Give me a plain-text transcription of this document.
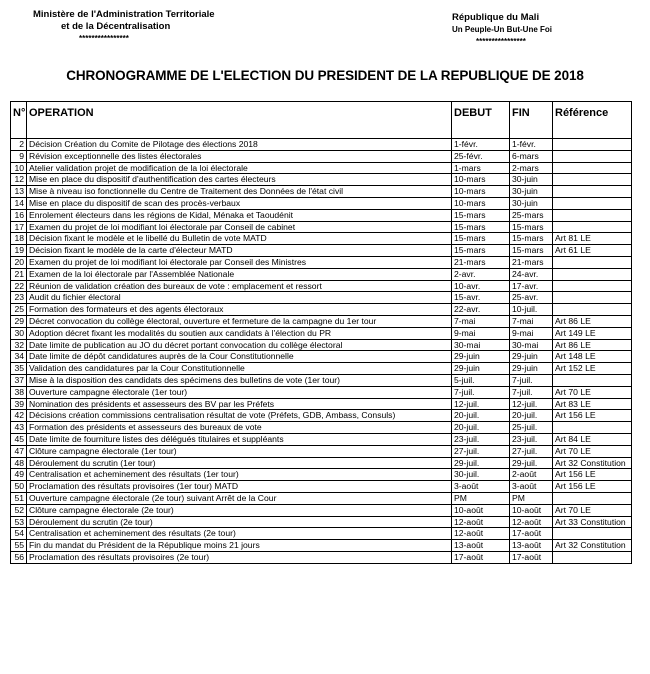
Ministère de l'Administration Territoriale
et de la Décentralisation
****************
République du Mali
Un Peuple-Un But-Une Foi
****************
CHRONOGRAMME DE L'ELECTION DU PRESIDENT DE LA REPUBLIQUE DE 2018
N°	OPERATION	DEBUT	FIN	Référence
2	Décision Création du Comite de Pilotage des élections 2018	1-févr.	1-févr.	
9	Révision exceptionnelle des listes électorales	25-févr.	6-mars	
10	Atelier validation projet de modification de la loi électorale	1-mars	2-mars	
12	Mise en place du dispositif d'authentification des cartes électeurs	10-mars	30-juin	
13	Mise à niveau iso fonctionnelle du Centre de Traitement des Données de l'état civil	10-mars	30-juin	
14	Mise en place du dispositif de scan des procès-verbaux	10-mars	30-juin	
16	Enrolement électeurs dans les régions de Kidal, Ménaka et Taoudénit	15-mars	25-mars	
17	Examen du projet de loi modifiant loi électorale par Conseil de cabinet	15-mars	15-mars	
18	Décision fixant le modèle et le libellé du Bulletin de vote MATD	15-mars	15-mars	Art 81 LE
19	Décision fixant le modèle de la carte d'électeur MATD	15-mars	15-mars	Art 61 LE
20	Examen du projet de loi modifiant loi électorale par Conseil des Ministres	21-mars	21-mars	
21	Examen de la loi électorale par l'Assemblée Nationale	2-avr.	24-avr.	
22	Réunion de validation création des bureaux de vote : emplacement et ressort	10-avr.	17-avr.	
23	Audit du fichier électoral	15-avr.	25-avr.	
25	Formation des formateurs et des agents électoraux	22-avr.	10-juil.	
29	Décret convocation du collège électoral, ouverture et fermeture de la campagne du 1er tour	7-mai	7-mai	Art 86 LE
30	Adoption décret fixant les modalités du soutien aux candidats à l'élection du PR	9-mai	9-mai	Art 149 LE
32	Date limite de publication au JO du décret portant convocation du collège électoral	30-mai	30-mai	Art 86 LE
34	Date limite de dépôt candidatures auprès de la Cour Constitutionnelle	29-juin	29-juin	Art 148 LE
35	Validation des candidatures par la Cour Constitutionnelle	29-juin	29-juin	Art 152 LE
37	Mise à la disposition des candidats des spécimens des bulletins de vote (1er tour)	5-juil.	7-juil.	
38	Ouverture campagne électorale (1er tour)	7-juil.	7-juil.	Art 70 LE
39	Nomination des présidents et assesseurs des BV par les Préfets	12-juil.	12-juil.	Art 83 LE
42	Décisions création commissions centralisation résultat de vote (Préfets, GDB, Ambass, Consuls)	20-juil.	20-juil.	Art 156 LE
43	Formation des présidents et assesseurs des bureaux de vote	20-juil.	25-juil.	
45	Date limite de fourniture listes des délégués titulaires et suppléants	23-juil.	23-juil.	Art 84 LE
47	Clôture campagne électorale (1er tour)	27-juil.	27-juil.	Art 70 LE
48	Déroulement du scrutin (1er tour)	29-juil.	29-juil.	Art 32 Constitution
49	Centralisation et acheminement des résultats (1er tour)	30-juil.	2-août	Art 156 LE
50	Proclamation des résultats provisoires (1er tour) MATD	3-août	3-août	Art 156 LE
51	Ouverture campagne électorale (2e tour) suivant Arrêt de la Cour	PM	PM	
52	Clôture campagne électorale (2e tour)	10-août	10-août	Art 70 LE
53	Déroulement du scrutin (2e tour)	12-août	12-août	Art 33 Constitution
54	Centralisation et acheminement des résultats (2e tour)	12-août	17-août	
55	Fin du mandat du Président de la République moins 21 jours	13-août	13-août	Art 32 Constitution
56	Proclamation des résultats provisoires (2e tour)	17-août	17-août	
